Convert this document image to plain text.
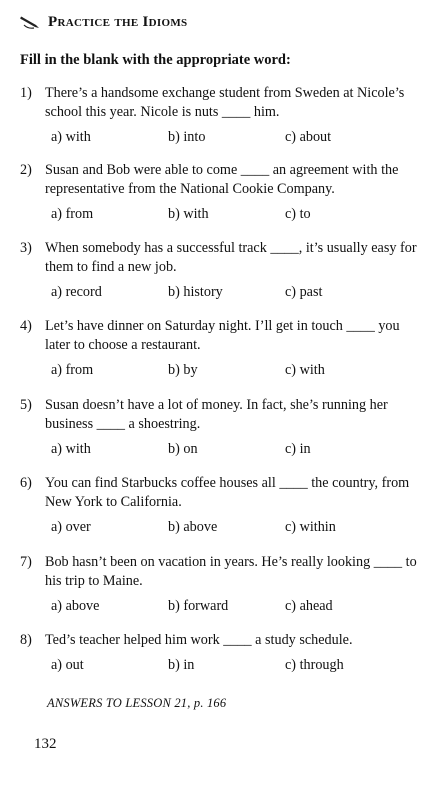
Practice the Idioms
Fill in the blank with the appropriate word:
1) There’s a handsome exchange student from Sweden at Nicole’s school this year. Nicole is nuts ____ him.
a) with	b) into	c) about
2) Susan and Bob were able to come ____ an agreement with the representative from the National Cookie Company.
a) from	b) with	c) to
3) When somebody has a successful track ____, it’s usually easy for them to find a new job.
a) record	b) history	c) past
4) Let’s have dinner on Saturday night. I’ll get in touch ____ you later to choose a restaurant.
a) from	b) by	c) with
5) Susan doesn’t have a lot of money. In fact, she’s running her business ____ a shoestring.
a) with	b) on	c) in
6) You can find Starbucks coffee houses all ____ the country, from New York to California.
a) over	b) above	c) within
7) Bob hasn’t been on vacation in years. He’s really looking ____ to his trip to Maine.
a) above	b) forward	c) ahead
8) Ted’s teacher helped him work ____ a study schedule.
a) out	b) in	c) through
ANSWERS TO LESSON 21, p. 166
132
